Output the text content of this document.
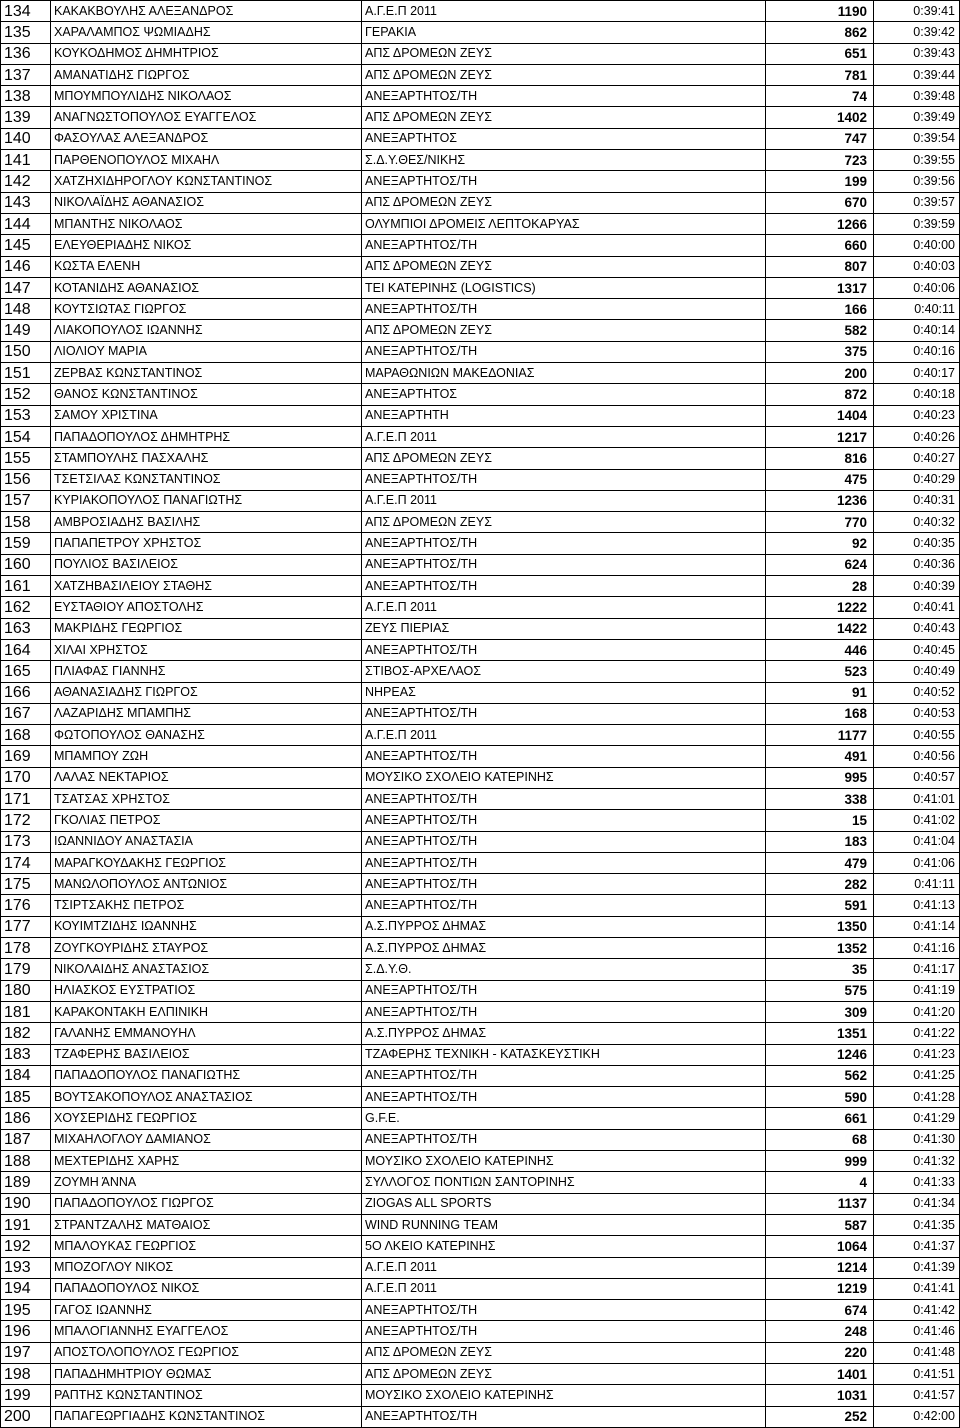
134	ΚΑΚΑΚΒΟΥΛΗΣ ΑΛΕΞΑΝΔΡΟΣ	Α.Γ.Ε.Π 2011	1190	0:39:41
135	ΧΑΡΑΛΑΜΠΟΣ ΨΩΜΙΑΔΗΣ	ΓΕΡΑΚΙΑ	862	0:39:42
136	ΚΟΥΚΟΔΗΜΟΣ ΔΗΜΗΤΡΙΟΣ	ΑΠΣ ΔΡΟΜΕΩΝ ΖΕΥΣ	651	0:39:43
137	ΑΜΑΝΑΤΙΔΗΣ ΓΙΩΡΓΟΣ	ΑΠΣ ΔΡΟΜΕΩΝ ΖΕΥΣ	781	0:39:44
138	ΜΠΟΥΜΠΟΥΛΙΔΗΣ ΝΙΚΟΛΑΟΣ	ΑΝΕΞΑΡΤΗΤΟΣ/ΤΗ	74	0:39:48
139	ΑΝΑΓΝΩΣΤΟΠΟΥΛΟΣ ΕΥΑΓΓΕΛΟΣ	ΑΠΣ ΔΡΟΜΕΩΝ ΖΕΥΣ	1402	0:39:49
140	ΦΑΣΟΥΛΑΣ ΑΛΕΞΑΝΔΡΟΣ	ΑΝΕΞΑΡΤΗΤΟΣ	747	0:39:54
141	ΠΑΡΘΕΝΟΠΟΥΛΟΣ ΜΙΧΑΗΛ	Σ.Δ.Υ.ΘΕΣ/ΝΙΚΗΣ	723	0:39:55
142	ΧΑΤΖΗΧΙΔΗΡΟΓΛΟΥ ΚΩΝΣΤΑΝΤΙΝΟΣ	ΑΝΕΞΑΡΤΗΤΟΣ/ΤΗ	199	0:39:56
143	ΝΙΚΟΛΑΪΔΗΣ ΑΘΑΝΑΣΙΟΣ	ΑΠΣ ΔΡΟΜΕΩΝ ΖΕΥΣ	670	0:39:57
144	ΜΠΑΝΤΗΣ ΝΙΚΟΛΑΟΣ	ΟΛΥΜΠΙΟΙ ΔΡΟΜΕΙΣ ΛΕΠΤΟΚΑΡΥΑΣ	1266	0:39:59
145	ΕΛΕΥΘΕΡΙΑΔΗΣ ΝΙΚΟΣ	ΑΝΕΞΑΡΤΗΤΟΣ/ΤΗ	660	0:40:00
146	ΚΩΣΤΑ ΕΛΕΝΗ	ΑΠΣ ΔΡΟΜΕΩΝ ΖΕΥΣ	807	0:40:03
147	ΚΟΤΑΝΙΔΗΣ ΑΘΑΝΑΣΙΟΣ	ΤΕΙ ΚΑΤΕΡΙΝΗΣ (LOGISTICS)	1317	0:40:06
148	ΚΟΥΤΣΙΩΤΑΣ ΓΙΩΡΓΟΣ	ΑΝΕΞΑΡΤΗΤΟΣ/ΤΗ	166	0:40:11
149	ΛΙΑΚΟΠΟΥΛΟΣ ΙΩΑΝΝΗΣ	ΑΠΣ ΔΡΟΜΕΩΝ ΖΕΥΣ	582	0:40:14
150	ΛΙΟΛΙΟΥ ΜΑΡΙΑ	ΑΝΕΞΑΡΤΗΤΟΣ/ΤΗ	375	0:40:16
151	ΖΕΡΒΑΣ ΚΩΝΣΤΑΝΤΙΝΟΣ	ΜΑΡΑΘΩΝΙΩΝ ΜΑΚΕΔΟΝΙΑΣ	200	0:40:17
152	ΘΑΝΟΣ ΚΩΝΣΤΑΝΤΙΝΟΣ	ΑΝΕΞΑΡΤΗΤΟΣ	872	0:40:18
153	ΣΑΜΟΥ ΧΡΙΣΤΙΝΑ	ΑΝΕΞΑΡΤΗΤΗ	1404	0:40:23
154	ΠΑΠΑΔΟΠΟΥΛΟΣ ΔΗΜΗΤΡΗΣ	Α.Γ.Ε.Π 2011	1217	0:40:26
155	ΣΤΑΜΠΟΥΛΗΣ ΠΑΣΧΑΛΗΣ	ΑΠΣ ΔΡΟΜΕΩΝ ΖΕΥΣ	816	0:40:27
156	ΤΣΕΤΣΙΛΑΣ ΚΩΝΣΤΑΝΤΙΝΟΣ	ΑΝΕΞΑΡΤΗΤΟΣ/ΤΗ	475	0:40:29
157	ΚΥΡΙΑΚΟΠΟΥΛΟΣ ΠΑΝΑΓΙΩΤΗΣ	Α.Γ.Ε.Π 2011	1236	0:40:31
158	ΑΜΒΡΟΣΙΑΔΗΣ ΒΑΣΙΛΗΣ	ΑΠΣ ΔΡΟΜΕΩΝ ΖΕΥΣ	770	0:40:32
159	ΠΑΠΑΠΕΤΡΟΥ ΧΡΗΣΤΟΣ	ΑΝΕΞΑΡΤΗΤΟΣ/ΤΗ	92	0:40:35
160	ΠΟΥΛΙΟΣ ΒΑΣΙΛΕΙΟΣ	ΑΝΕΞΑΡΤΗΤΟΣ/ΤΗ	624	0:40:36
161	ΧΑΤΖΗΒΑΣΙΛΕΙΟΥ ΣΤΑΘΗΣ	ΑΝΕΞΑΡΤΗΤΟΣ/ΤΗ	28	0:40:39
162	ΕΥΣΤΑΘΙΟΥ ΑΠΟΣΤΟΛΗΣ	Α.Γ.Ε.Π 2011	1222	0:40:41
163	ΜΑΚΡΙΔΗΣ ΓΕΩΡΓΙΟΣ	ΖΕΥΣ ΠΙΕΡΙΑΣ	1422	0:40:43
164	ΧΙΛΑΙ ΧΡΗΣΤΟΣ	ΑΝΕΞΑΡΤΗΤΟΣ/ΤΗ	446	0:40:45
165	ΠΛΙΑΦΑΣ ΓΙΑΝΝΗΣ	ΣΤΙΒΟΣ-ΑΡΧΕΛΑΟΣ	523	0:40:49
166	ΑΘΑΝΑΣΙΑΔΗΣ ΓΙΩΡΓΟΣ	ΝΗΡΕΑΣ	91	0:40:52
167	ΛΑΖΑΡΙΔΗΣ ΜΠΑΜΠΗΣ	ΑΝΕΞΑΡΤΗΤΟΣ/ΤΗ	168	0:40:53
168	ΦΩΤΟΠΟΥΛΟΣ ΘΑΝΑΣΗΣ	Α.Γ.Ε.Π 2011	1177	0:40:55
169	ΜΠΑΜΠΟΥ ΖΩΗ	ΑΝΕΞΑΡΤΗΤΟΣ/ΤΗ	491	0:40:56
170	ΛΑΛΑΣ ΝΕΚΤΑΡΙΟΣ	ΜΟΥΣΙΚΟ ΣΧΟΛΕΙΟ ΚΑΤΕΡΙΝΗΣ	995	0:40:57
171	ΤΣΑΤΣΑΣ ΧΡΗΣΤΟΣ	ΑΝΕΞΑΡΤΗΤΟΣ/ΤΗ	338	0:41:01
172	ΓΚΟΛΙΑΣ ΠΕΤΡΟΣ	ΑΝΕΞΑΡΤΗΤΟΣ/ΤΗ	15	0:41:02
173	ΙΩΑΝΝΙΔΟΥ ΑΝΑΣΤΑΣΙΑ	ΑΝΕΞΑΡΤΗΤΟΣ/ΤΗ	183	0:41:04
174	ΜΑΡΑΓΚΟΥΔΑΚΗΣ ΓΕΩΡΓΙΟΣ	ΑΝΕΞΑΡΤΗΤΟΣ/ΤΗ	479	0:41:06
175	ΜΑΝΩΛΟΠΟΥΛΟΣ ΑΝΤΩΝΙΟΣ	ΑΝΕΞΑΡΤΗΤΟΣ/ΤΗ	282	0:41:11
176	ΤΣΙΡΤΣΑΚΗΣ ΠΕΤΡΟΣ	ΑΝΕΞΑΡΤΗΤΟΣ/ΤΗ	591	0:41:13
177	ΚΟΥΙΜΤΖΙΔΗΣ ΙΩΑΝΝΗΣ	Α.Σ.ΠΥΡΡΟΣ ΔΗΜΑΣ	1350	0:41:14
178	ΖΟΥΓΚΟΥΡΙΔΗΣ ΣΤΑΥΡΟΣ	Α.Σ.ΠΥΡΡΟΣ ΔΗΜΑΣ	1352	0:41:16
179	ΝΙΚΟΛΑΙΔΗΣ ΑΝΑΣΤΑΣΙΟΣ	Σ.Δ.Υ.Θ.	35	0:41:17
180	ΗΛΙΑΣΚΟΣ ΕΥΣΤΡΑΤΙΟΣ	ΑΝΕΞΑΡΤΗΤΟΣ/ΤΗ	575	0:41:19
181	ΚΑΡΑΚΟΝΤΑΚΗ ΕΛΠΙΝΙΚΗ	ΑΝΕΞΑΡΤΗΤΟΣ/ΤΗ	309	0:41:20
182	ΓΑΛΑΝΗΣ ΕΜΜΑΝΟΥΗΛ	Α.Σ.ΠΥΡΡΟΣ ΔΗΜΑΣ	1351	0:41:22
183	ΤΖΑΦΕΡΗΣ ΒΑΣΙΛΕΙΟΣ	ΤΖΑΦΕΡΗΣ ΤΕΧΝΙΚΗ - ΚΑΤΑΣΚΕΥΣΤΙΚΗ	1246	0:41:23
184	ΠΑΠΑΔΟΠΟΥΛΟΣ ΠΑΝΑΓΙΩΤΗΣ	ΑΝΕΞΑΡΤΗΤΟΣ/ΤΗ	562	0:41:25
185	ΒΟΥΤΣΑΚΟΠΟΥΛΟΣ ΑΝΑΣΤΑΣΙΟΣ	ΑΝΕΞΑΡΤΗΤΟΣ/ΤΗ	590	0:41:28
186	ΧΟΥΣΕΡΙΔΗΣ ΓΕΩΡΓΙΟΣ	G.F.E.	661	0:41:29
187	ΜΙΧΑΗΛΟΓΛΟΥ ΔΑΜΙΑΝΟΣ	ΑΝΕΞΑΡΤΗΤΟΣ/ΤΗ	68	0:41:30
188	ΜΕΧΤΕΡΙΔΗΣ ΧΑΡΗΣ	ΜΟΥΣΙΚΟ ΣΧΟΛΕΙΟ ΚΑΤΕΡΙΝΗΣ	999	0:41:32
189	ΖΟΥΜΗ ΆΝΝΑ	ΣΥΛΛΟΓΟΣ ΠΟΝΤΙΩΝ ΣΑΝΤΟΡΙΝΗΣ	4	0:41:33
190	ΠΑΠΑΔΟΠΟΥΛΟΣ ΓΙΩΡΓΟΣ	ZIOGAS ALL SPORTS	1137	0:41:34
191	ΣΤΡΑΝΤΖΑΛΗΣ ΜΑΤΘΑΙΟΣ	WIND RUNNING TEAM	587	0:41:35
192	ΜΠΑΛΟΥΚΑΣ ΓΕΩΡΓΙΟΣ	5Ο ΛΚΕΙΟ ΚΑΤΕΡΙΝΗΣ	1064	0:41:37
193	ΜΠΟΖΟΓΛΟΥ ΝΙΚΟΣ	Α.Γ.Ε.Π 2011	1214	0:41:39
194	ΠΑΠΑΔΟΠΟΥΛΟΣ ΝΙΚΟΣ	Α.Γ.Ε.Π 2011	1219	0:41:41
195	ΓΑΓΟΣ ΙΩΑΝΝΗΣ	ΑΝΕΞΑΡΤΗΤΟΣ/ΤΗ	674	0:41:42
196	ΜΠΑΛΟΓΙΑΝΝΗΣ ΕΥΑΓΓΕΛΟΣ	ΑΝΕΞΑΡΤΗΤΟΣ/ΤΗ	248	0:41:46
197	ΑΠΟΣΤΟΛΟΠΟΥΛΟΣ ΓΕΩΡΓΙΟΣ	ΑΠΣ ΔΡΟΜΕΩΝ ΖΕΥΣ	220	0:41:48
198	ΠΑΠΑΔΗΜΗΤΡΙΟΥ ΘΩΜΑΣ	ΑΠΣ ΔΡΟΜΕΩΝ ΖΕΥΣ	1401	0:41:51
199	ΡΑΠΤΗΣ ΚΩΝΣΤΑΝΤΙΝΟΣ	ΜΟΥΣΙΚΟ ΣΧΟΛΕΙΟ ΚΑΤΕΡΙΝΗΣ	1031	0:41:57
200	ΠΑΠΑΓΕΩΡΓΙΑΔΗΣ ΚΩΝΣΤΑΝΤΙΝΟΣ	ΑΝΕΞΑΡΤΗΤΟΣ/ΤΗ	252	0:42:00
